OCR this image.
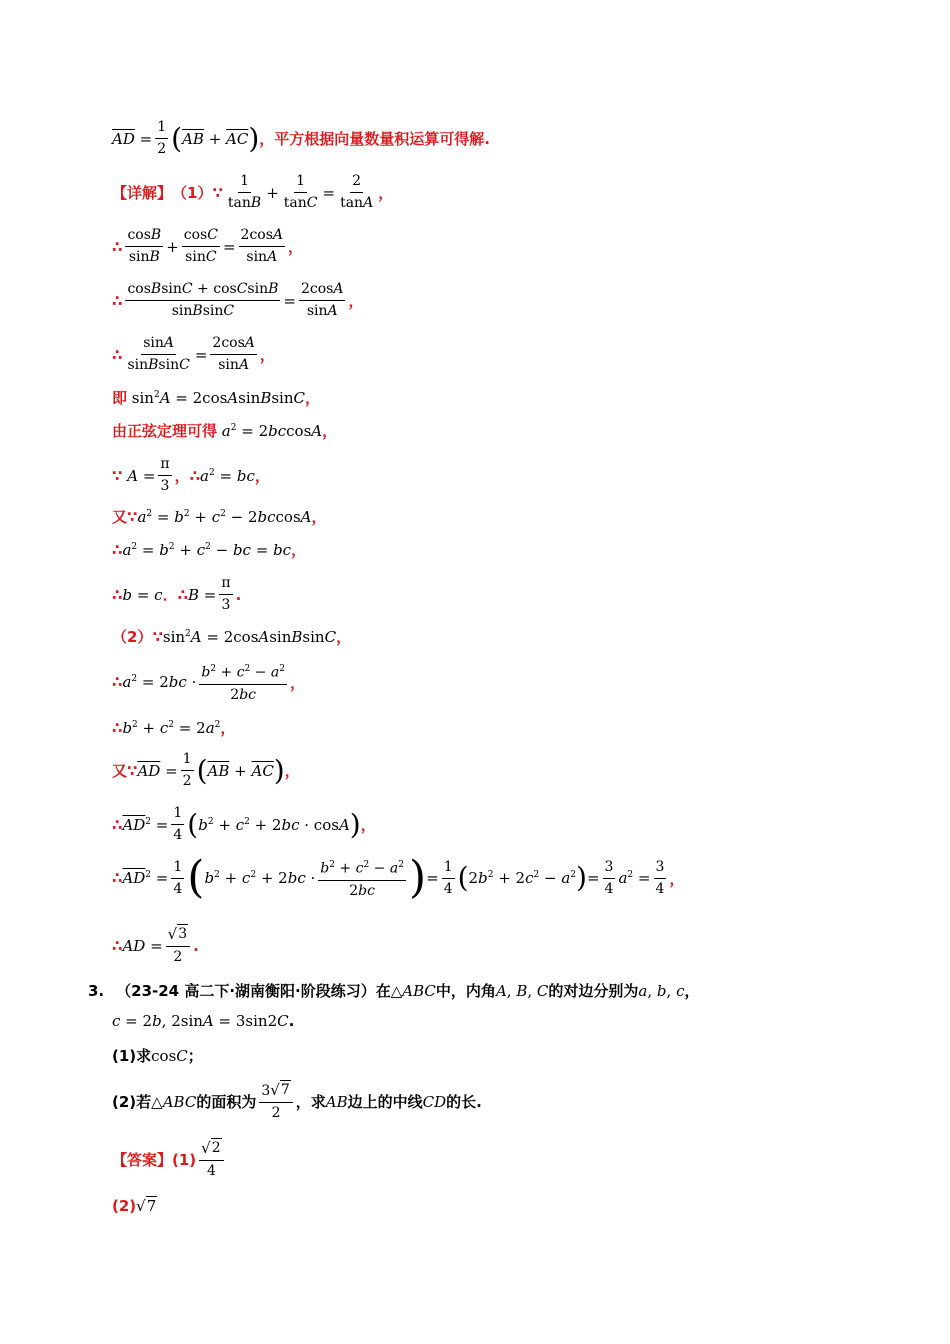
$\overline{AD} = \frac{1}{2}$ ( $\overline{AB} + \overline{AC}$ ) ，平方根据向量数量积运算可得解.
【详解】 （1） ∵ $\frac{1}{\tan B} + \frac{1}{\tan C} = \frac{2}{\tan A}$ ，
∴ $\frac{\cos B}{\sin B} + \frac{\cos C}{\sin C} = \frac{2\cos A}{\sin A}$ ，
∴ $\frac{\text{cosBsinC + cosCsinB}}{\text{sinBsinC}} = \frac{2\cos A}{\sin A}$ ，
∴ $\frac{\sin A}{\text{sinBsinC}} = \frac{2\cos A}{\sin A}$ ，
即 $\sin^2A$ = 2cosAsinBsinC ，
由正弦定理可得 $a^2 = 2bccosA$ ，
∵ $A = \frac{\pi}{3}$ ，∴ $a^2$ = bc ，
又 ∵ $a^2 = b^2 + c^2 - 2bccosA$ ，
∴ $a^2 = b^2 + c^2$ − bc = bc ，
∴ b = c ．∴ $B = \frac{\pi}{3}$ .
（2） ∵ $\sin^2A$ = 2cosAsinBsinC ，
∴ $a^2 = 2bc \cdot \frac{b^2 + c^2 - a^2}{2bc}$ ，
∴ $b^2 + c^2 = 2a^2$ ，
又 ∵ $\overline{AD} = \frac{1}{2}$ ( $\overline{AB} + \overline{AC}$ ) ，
∴ $\overline{AD}^2 = \frac{1}{4}$ ( $b^2 + c^2 + 2bc \cdot \cos A$ ) ，
∴ $\overline{AD}^2 = \frac{1}{4}$ ( $b^2 + c^2 + 2bc \cdot \frac{b^2 + c^2 - a^2}{2bc}$ ) = $\frac{1}{4}$ ( $2b^2 + 2c^2 - a^2$ ) = $\frac{3}{4} a^2 = \frac{3}{4}$ ，
∴ AD = $\frac{√ 3}{2}$ .
3. （23-24 高二下·湖南衡阳·阶段练习） 在 △ABC 中，内角 A, B, C 的对边分别为 a, b, c ，
c = 2b, 2sinA = 3sin2C .
(1)求 cosC ；
(2)若 △ABC 的面积为 $\frac{3 √ 7}{2}$ ，求 AB 边上的中线 CD 的长.
【答案】 $(1) \frac{√ 2}{4}$
(2) √ 7
